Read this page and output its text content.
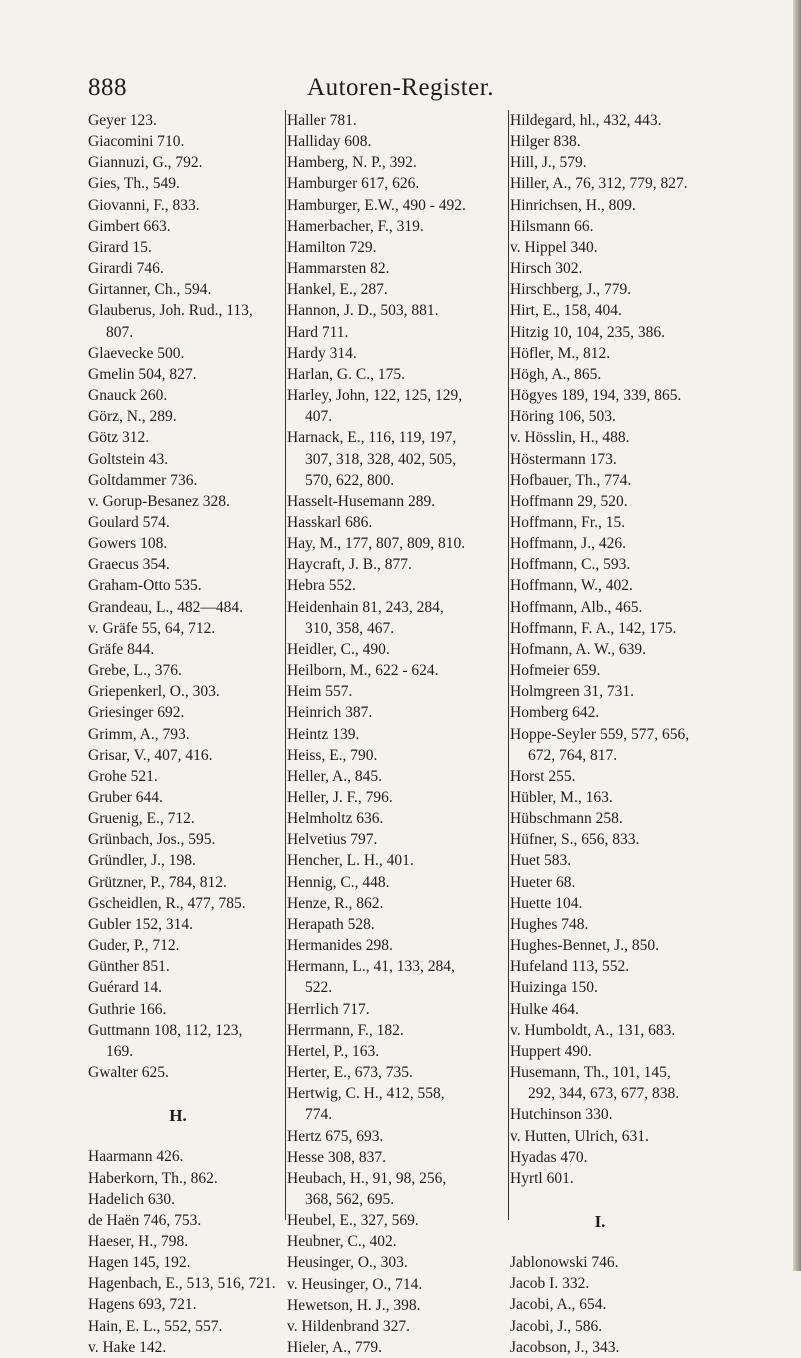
888	Autoren-Register.
Geyer 123.
Giacomini 710.
Giannuzi, G., 792.
Gies, Th., 549.
Giovanni, F., 833.
Gimbert 663.
Girard 15.
Girardi 746.
Girtanner, Ch., 594.
Glauberus, Joh. Rud., 113,
807.
Glaevecke 500.
Gmelin 504, 827.
Gnauck 260.
Görz, N., 289.
Götz 312.
Goltstein 43.
Goltdammer 736.
v. Gorup-Besanez 328.
Goulard 574.
Gowers 108.
Graecus 354.
Graham-Otto 535.
Grandeau, L., 482—484.
v. Gräfe 55, 64, 712.
Gräfe 844.
Grebe, L., 376.
Griepenkerl, O., 303.
Griesinger 692.
Grimm, A., 793.
Grisar, V., 407, 416.
Grohe 521.
Gruber 644.
Gruenig, E., 712.
Grünbach, Jos., 595.
Gründler, J., 198.
Grützner, P., 784, 812.
Gscheidlen, R., 477, 785.
Gubler 152, 314.
Guder, P., 712.
Günther 851.
Guérard 14.
Guthrie 166.
Guttmann 108, 112, 123,
169.
Gwalter 625.
H.
Haarmann 426.
Haberkorn, Th., 862.
Hadelich 630.
de Haën 746, 753.
Haeser, H., 798.
Hagen 145, 192.
Hagenbach, E., 513, 516, 721.
Hagens 693, 721.
Hain, E. L., 552, 557.
v. Hake 142.
Haller 781.
Halliday 608.
Hamberg, N. P., 392.
Hamburger 617, 626.
Hamburger, E.W., 490 - 492.
Hamerbacher, F., 319.
Hamilton 729.
Hammarsten 82.
Hankel, E., 287.
Hannon, J. D., 503, 881.
Hard 711.
Hardy 314.
Harlan, G. C., 175.
Harley, John, 122, 125, 129,
407.
Harnack, E., 116, 119, 197,
307, 318, 328, 402, 505,
570, 622, 800.
Hasselt-Husemann 289.
Hasskarl 686.
Hay, M., 177, 807, 809, 810.
Haycraft, J. B., 877.
Hebra 552.
Heidenhain 81, 243, 284,
310, 358, 467.
Heidler, C., 490.
Heilborn, M., 622 - 624.
Heim 557.
Heinrich 387.
Heintz 139.
Heiss, E., 790.
Heller, A., 845.
Heller, J. F., 796.
Helmholtz 636.
Helvetius 797.
Hencher, L. H., 401.
Hennig, C., 448.
Henze, R., 862.
Herapath 528.
Hermanides 298.
Hermann, L., 41, 133, 284,
522.
Herrlich 717.
Herrmann, F., 182.
Hertel, P., 163.
Herter, E., 673, 735.
Hertwig, C. H., 412, 558,
774.
Hertz 675, 693.
Hesse 308, 837.
Heubach, H., 91, 98, 256,
368, 562, 695.
Heubel, E., 327, 569.
Heubner, C., 402.
Heusinger, O., 303.
v. Heusinger, O., 714.
Hewetson, H. J., 398.
v. Hildenbrand 327.
Hieler, A., 779.
Hildegard, hl., 432, 443.
Hilger 838.
Hill, J., 579.
Hiller, A., 76, 312, 779, 827.
Hinrichsen, H., 809.
Hilsmann 66.
v. Hippel 340.
Hirsch 302.
Hirschberg, J., 779.
Hirt, E., 158, 404.
Hitzig 10, 104, 235, 386.
Höfler, M., 812.
Högh, A., 865.
Högyes 189, 194, 339, 865.
Höring 106, 503.
v. Hösslin, H., 488.
Höstermann 173.
Hofbauer, Th., 774.
Hoffmann 29, 520.
Hoffmann, Fr., 15.
Hoffmann, J., 426.
Hoffmann, C., 593.
Hoffmann, W., 402.
Hoffmann, Alb., 465.
Hoffmann, F. A., 142, 175.
Hofmann, A. W., 639.
Hofmeier 659.
Holmgreen 31, 731.
Homberg 642.
Hoppe-Seyler 559, 577, 656,
672, 764, 817.
Horst 255.
Hübler, M., 163.
Hübschmann 258.
Hüfner, S., 656, 833.
Huet 583.
Hueter 68.
Huette 104.
Hughes 748.
Hughes-Bennet, J., 850.
Hufeland 113, 552.
Huizinga 150.
Hulke 464.
v. Humboldt, A., 131, 683.
Huppert 490.
Husemann, Th., 101, 145,
292, 344, 673, 677, 838.
Hutchinson 330.
v. Hutten, Ulrich, 631.
Hyadas 470.
Hyrtl 601.
I.
Jablonowski 746.
Jacob I. 332.
Jacobi, A., 654.
Jacobi, J., 586.
Jacobson, J., 343.
